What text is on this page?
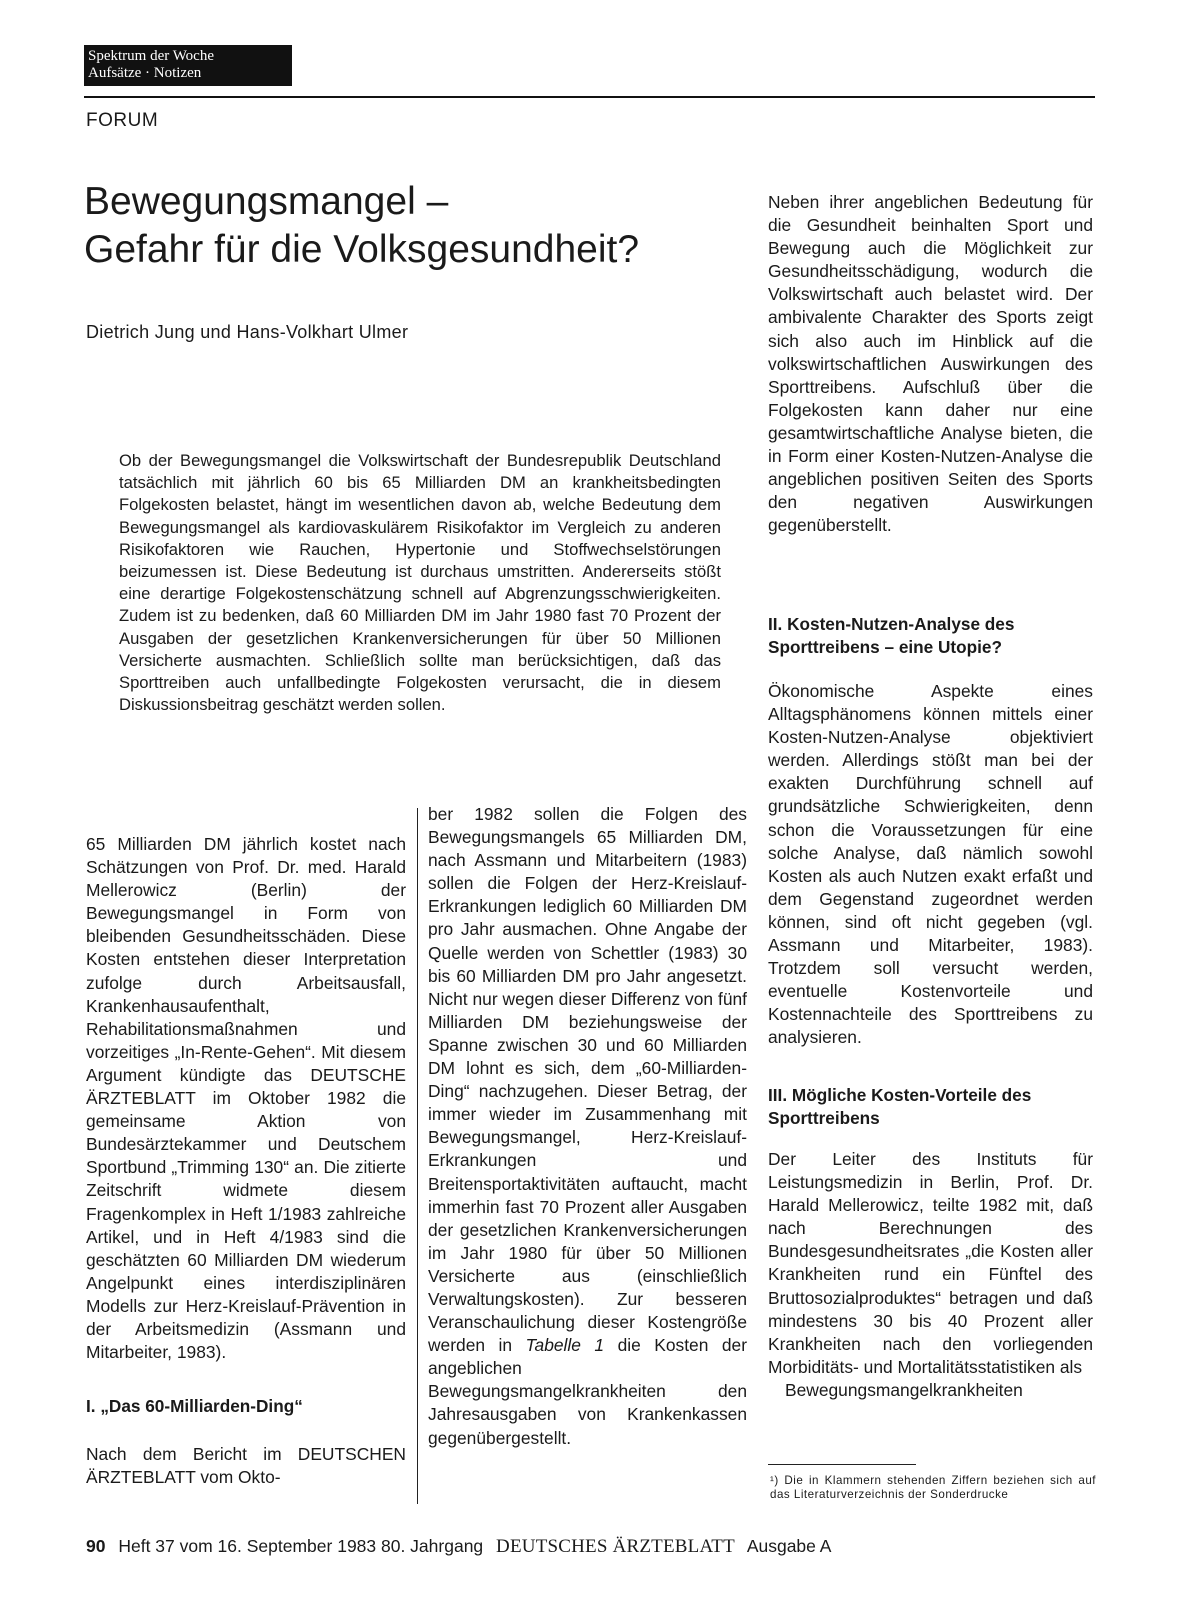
Spektrum der Woche
Aufsätze · Notizen
FORUM
Bewegungsmangel –
Gefahr für die Volksgesundheit?
Dietrich Jung und Hans-Volkhart Ulmer

Ob der Bewegungsmangel die Volkswirtschaft der Bundesrepublik Deutschland tatsächlich mit jährlich 60 bis 65 Milliarden DM an krankheitsbedingten Folgekosten belastet, hängt im wesentlichen davon ab, welche Bedeutung dem Bewegungsmangel als kardiovaskulärem Risikofaktor im Vergleich zu anderen Risikofaktoren wie Rauchen, Hypertonie und Stoffwechselstörungen beizumessen ist. Diese Bedeutung ist durchaus umstritten. Andererseits stößt eine derartige Folgekostenschätzung schnell auf Abgrenzungsschwierigkeiten. Zudem ist zu bedenken, daß 60 Milliarden DM im Jahr 1980 fast 70 Prozent der Ausgaben der gesetzlichen Krankenversicherungen für über 50 Millionen Versicherte ausmachten. Schließlich sollte man berücksichtigen, daß das Sporttreiben auch unfallbedingte Folgekosten verursacht, die in diesem Diskussionsbeitrag geschätzt werden sollen.

65 Milliarden DM jährlich kostet nach Schätzungen von Prof. Dr. med. Harald Mellerowicz (Berlin) der Bewegungsmangel in Form von bleibenden Gesundheitsschäden. Diese Kosten entstehen dieser Interpretation zufolge durch Arbeitsausfall, Krankenhausaufenthalt, Rehabilitationsmaßnahmen und vorzeitiges „In-Rente-Gehen“. Mit diesem Argument kündigte das DEUTSCHE ÄRZTEBLATT im Oktober 1982 die gemeinsame Aktion von Bundesärztekammer und Deutschem Sportbund „Trimming 130“ an. Die zitierte Zeitschrift widmete diesem Fragenkomplex in Heft 1/1983 zahlreiche Artikel, und in Heft 4/1983 sind die geschätzten 60 Milliarden DM wiederum Angelpunkt eines interdisziplinären Modells zur Herz-Kreislauf-Prävention in der Arbeitsmedizin (Assmann und Mitarbeiter, 1983).

I. „Das 60-Milliarden-Ding“

Nach dem Bericht im DEUTSCHEN ÄRZTEBLATT vom Okto-

ber 1982 sollen die Folgen des Bewegungsmangels 65 Milliarden DM, nach Assmann und Mitarbeitern (1983) sollen die Folgen der Herz-Kreislauf-Erkrankungen lediglich 60 Milliarden DM pro Jahr ausmachen. Ohne Angabe der Quelle werden von Schettler (1983) 30 bis 60 Milliarden DM pro Jahr angesetzt. Nicht nur wegen dieser Differenz von fünf Milliarden DM beziehungsweise der Spanne zwischen 30 und 60 Milliarden DM lohnt es sich, dem „60-Milliarden-Ding“ nachzugehen. Dieser Betrag, der immer wieder im Zusammenhang mit Bewegungsmangel, Herz-Kreislauf-Erkrankungen und Breitensportaktivitäten auftaucht, macht immerhin fast 70 Prozent aller Ausgaben der gesetzlichen Krankenversicherungen im Jahr 1980 für über 50 Millionen Versicherte aus (einschließlich Verwaltungskosten). Zur besseren Veranschaulichung dieser Kostengröße werden in Tabelle 1 die Kosten der angeblichen Bewegungsmangelkrankheiten den Jahresausgaben von Krankenkassen gegenübergestellt.

Neben ihrer angeblichen Bedeutung für die Gesundheit beinhalten Sport und Bewegung auch die Möglichkeit zur Gesundheitsschädigung, wodurch die Volkswirtschaft auch belastet wird. Der ambivalente Charakter des Sports zeigt sich also auch im Hinblick auf die volkswirtschaftlichen Auswirkungen des Sporttreibens. Aufschluß über die Folgekosten kann daher nur eine gesamtwirtschaftliche Analyse bieten, die in Form einer Kosten-Nutzen-Analyse die angeblichen positiven Seiten des Sports den negativen Auswirkungen gegenüberstellt.

II. Kosten-Nutzen-Analyse des Sporttreibens – eine Utopie?

Ökonomische Aspekte eines Alltagsphänomens können mittels einer Kosten-Nutzen-Analyse objektiviert werden. Allerdings stößt man bei der exakten Durchführung schnell auf grundsätzliche Schwierigkeiten, denn schon die Voraussetzungen für eine solche Analyse, daß nämlich sowohl Kosten als auch Nutzen exakt erfaßt und dem Gegenstand zugeordnet werden können, sind oft nicht gegeben (vgl. Assmann und Mitarbeiter, 1983). Trotzdem soll versucht werden, eventuelle Kostenvorteile und Kostennachteile des Sporttreibens zu analysieren.

III. Mögliche Kosten-Vorteile des Sporttreibens

Der Leiter des Instituts für Leistungsmedizin in Berlin, Prof. Dr. Harald Mellerowicz, teilte 1982 mit, daß nach Berechnungen des Bundesgesundheitsrates „die Kosten aller Krankheiten rund ein Fünftel des Bruttosozialproduktes“ betragen und daß mindestens 30 bis 40 Prozent aller Krankheiten nach den vorliegenden Morbiditäts- und Mortalitätsstatistiken als

Bewegungsmangelkrankheiten

¹) Die in Klammern stehenden Ziffern beziehen sich auf das Literaturverzeichnis der Sonderdrucke

90 Heft 37 vom 16. September 1983 80. Jahrgang DEUTSCHES ÄRZTEBLATT Ausgabe A
